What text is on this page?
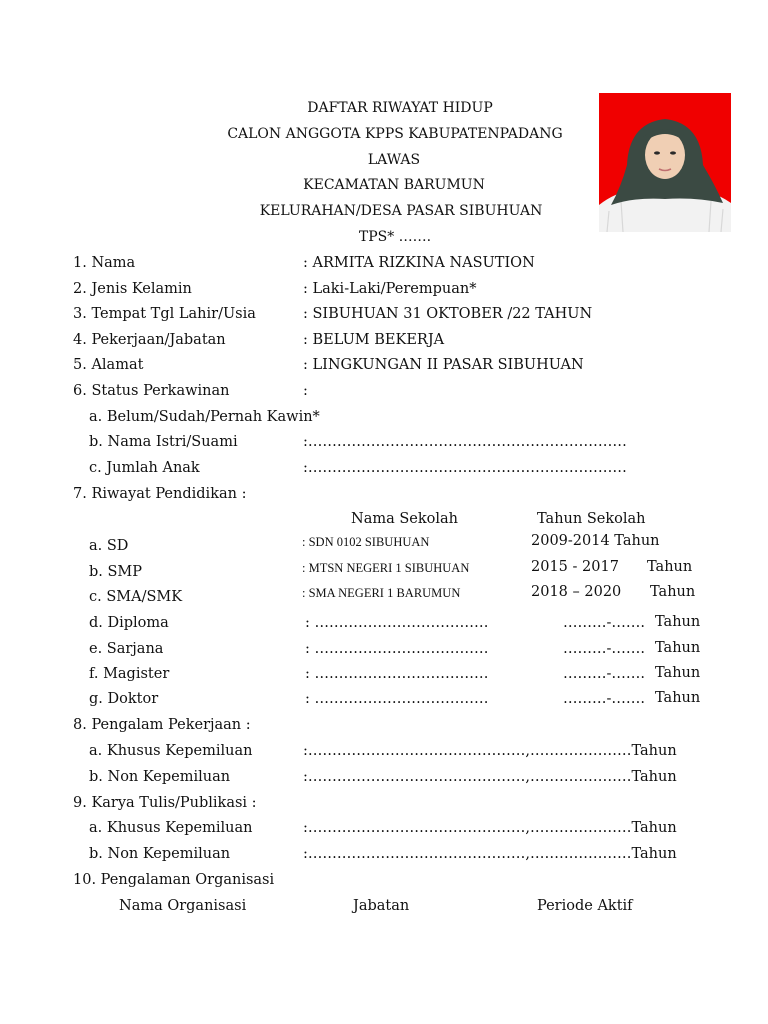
DAFTAR RIWAYAT HIDUP
CALON ANGGOTA KPPS KABUPATENPADANG
LAWAS
KECAMATAN BARUMUN
KELURAHAN/DESA PASAR SIBUHUAN
TPS* …….
1. Nama	: ARMITA RIZKINA NASUTION
2. Jenis Kelamin	: Laki-Laki/Perempuan*
3. Tempat Tgl Lahir/Usia	: SIBUHUAN 31 OKTOBER /22 TAHUN
4. Pekerjaan/Jabatan	: BELUM BEKERJA
5. Alamat	: LINGKUNGAN II PASAR SIBUHUAN
6. Status Perkawinan	:
a. Belum/Sudah/Pernah Kawin*
b. Nama Istri/Suami	:…………………………………………………………
c. Jumlah Anak	:…………………………………………………………
7. Riwayat Pendidikan :
Nama Sekolah	Tahun Sekolah
a. SD	: SDN 0102 SIBUHUAN	2009-2014 Tahun
b. SMP	: MTSN NEGERI 1 SIBUHUAN	2015 - 2017 Tahun
c. SMA/SMK	: SMA NEGERI 1 BARUMUN	2018 – 2020 Tahun
d. Diploma	: ………………………………	………-……. Tahun
e. Sarjana	: ………………………………	………-……. Tahun
f. Magister	: ………………………………	………-……. Tahun
g. Doktor	: ………………………………	………-……. Tahun
8. Pengalam Pekerjaan :
a. Khusus Kepemiluan	:………………………………………,…………………Tahun
b. Non Kepemiluan	:………………………………………,…………………Tahun
9. Karya Tulis/Publikasi :
a. Khusus Kepemiluan	:………………………………………,…………………Tahun
b. Non Kepemiluan	:………………………………………,…………………Tahun
10. Pengalaman Organisasi
Nama Organisasi	Jabatan	Periode Aktif
